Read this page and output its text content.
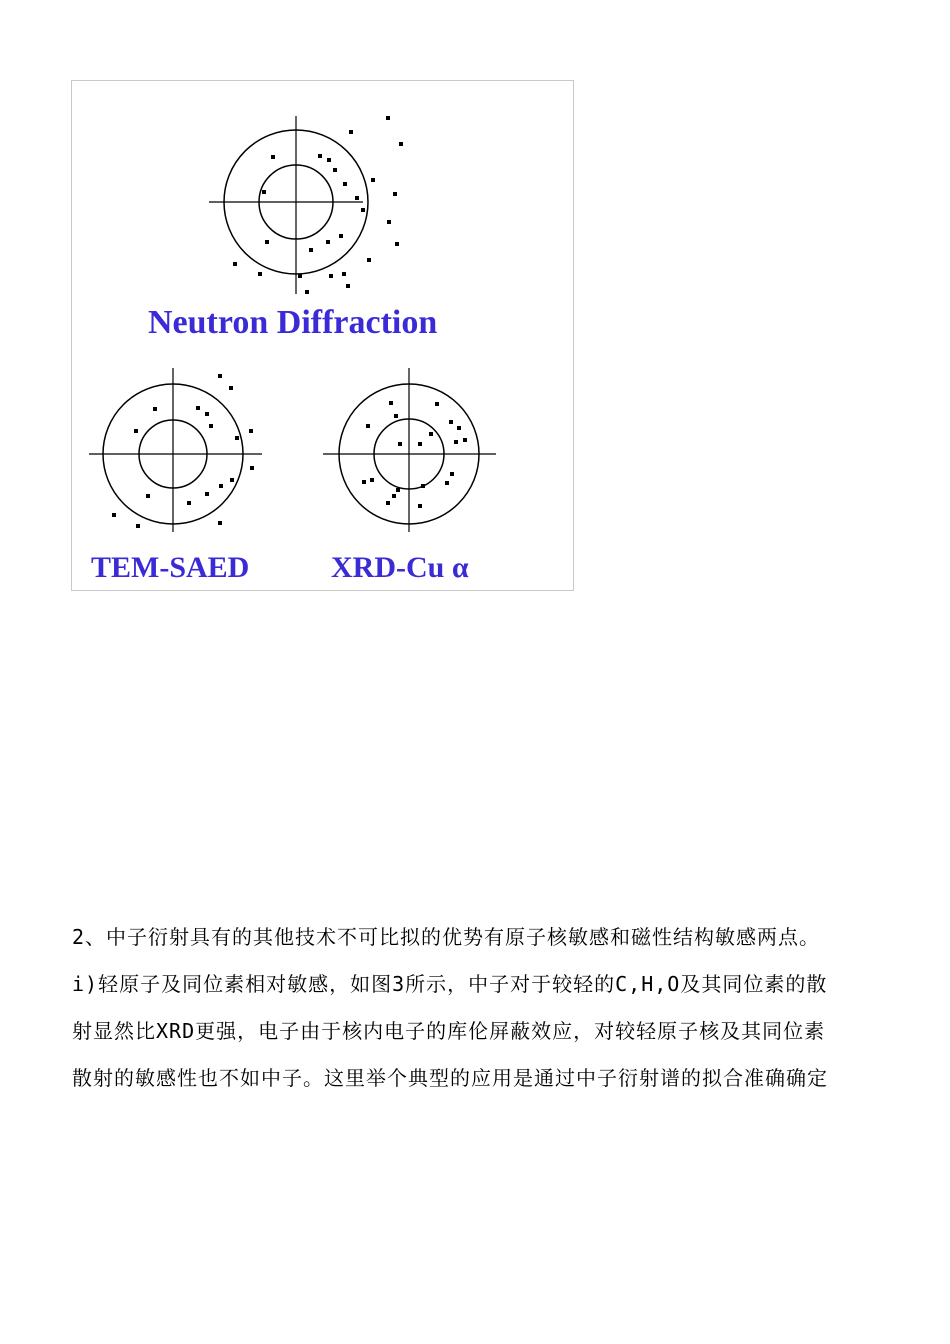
Neutron Diffraction
TEM-SAED	XRD-Cu α
2、中子衍射具有的其他技术不可比拟的优势有原子核敏感和磁性结构敏感两点。
i)轻原子及同位素相对敏感，如图3所示，中子对于较轻的C,H,O及其同位素的散
射显然比XRD更强，电子由于核内电子的库伦屏蔽效应，对较轻原子核及其同位素
散射的敏感性也不如中子。这里举个典型的应用是通过中子衍射谱的拟合准确确定
